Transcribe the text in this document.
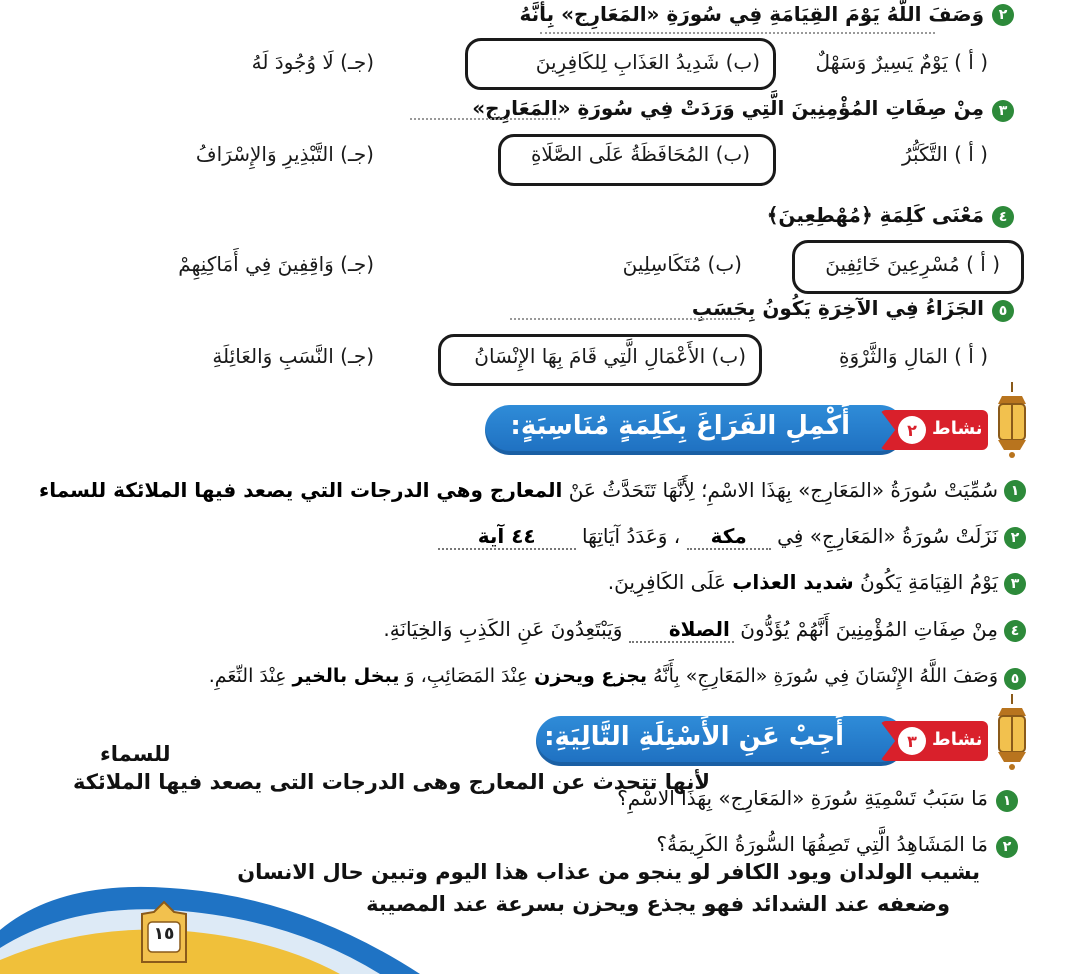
٢
وَصَفَ اللَّهُ يَوْمَ القِيَامَةِ فِي سُورَةِ «المَعَارِج» بِأَنَّهُ
( أ ) يَوْمٌ يَسِيرٌ وَسَهْلٌ
(ب) شَدِيدُ العَذَابِ لِلكَافِرِينَ
(جـ) لَا وُجُودَ لَهُ
٣
مِنْ صِفَاتِ المُؤْمِنِينَ الَّتِي وَرَدَتْ فِي سُورَةِ «المَعَارِج»
( أ ) التَّكَبُّرُ
(ب) المُحَافَظَةُ عَلَى الصَّلَاةِ
(جـ) التَّبْذِيرِ وَالإِسْرَافُ
٤
مَعْنَى كَلِمَةِ ﴿مُهْطِعِينَ﴾
( أ ) مُسْرِعِينَ خَائِفِينَ
(ب) مُتَكَاسِلِينَ
(جـ) وَاقِفِينَ فِي أَمَاكِنِهِمْ
٥
الجَزَاءُ فِي الآخِرَةِ يَكُونُ بِحَسَبِ
( أ ) المَالِ وَالثَّرْوَةِ
(ب) الأَعْمَالِ الَّتِي قَامَ بِهَا الإِنْسَانُ
(جـ) النَّسَبِ وَالعَائِلَةِ
أَكْمِلِ الفَرَاغَ بِكَلِمَةٍ مُنَاسِبَةٍ:	نشاط
٢
١
سُمِّيَتْ سُورَةُ «المَعَارِج» بِهَذَا الاسْمِ؛ لِأَنَّهَا تَتَحَدَّثُ عَنْ المعارج وهي الدرجات التي يصعد فيها الملائكة للسماء
٢
نَزَلَتْ سُورَةُ «المَعَارِجِ» فِي مكة ، وَعَدَدُ آيَاتِهَا ٤٤ آية
٣
يَوْمُ القِيَامَةِ يَكُونُ شديد العذاب عَلَى الكَافِرِينَ.
٤
مِنْ صِفَاتِ المُؤْمِنِينَ أَنَّهُمْ يُؤَدُّونَ الصلاة وَيَبْتَعِدُونَ عَنِ الكَذِبِ وَالخِيَانَةِ.
٥
وَصَفَ اللَّهُ الإِنْسَانَ فِي سُورَةِ «المَعَارِجِ» بِأَنَّهُ يجزع ويحزن عِنْدَ المَصَائِبِ، وَ يبخل بالخير عِنْدَ النِّعَمِ.
أَجِبْ عَنِ الأَسْئِلَةِ التَّالِيَةِ:	نشاط
٣
للسماء
لأنها تتحدث عن المعارج وهى الدرجات التى يصعد فيها الملائكة
١
مَا سَبَبُ تَسْمِيَةِ سُورَةِ «المَعَارِج» بِهَذَا الاسْمِ؟
٢
مَا المَشَاهِدُ الَّتِي تَصِفُهَا السُّورَةُ الكَرِيمَةُ؟
يشيب الولدان ويود الكافر لو ينجو من عذاب هذا اليوم وتبين حال الانسان
وضعفه عند الشدائد فهو يجذع ويحزن بسرعة عند المصيبة
١٥
